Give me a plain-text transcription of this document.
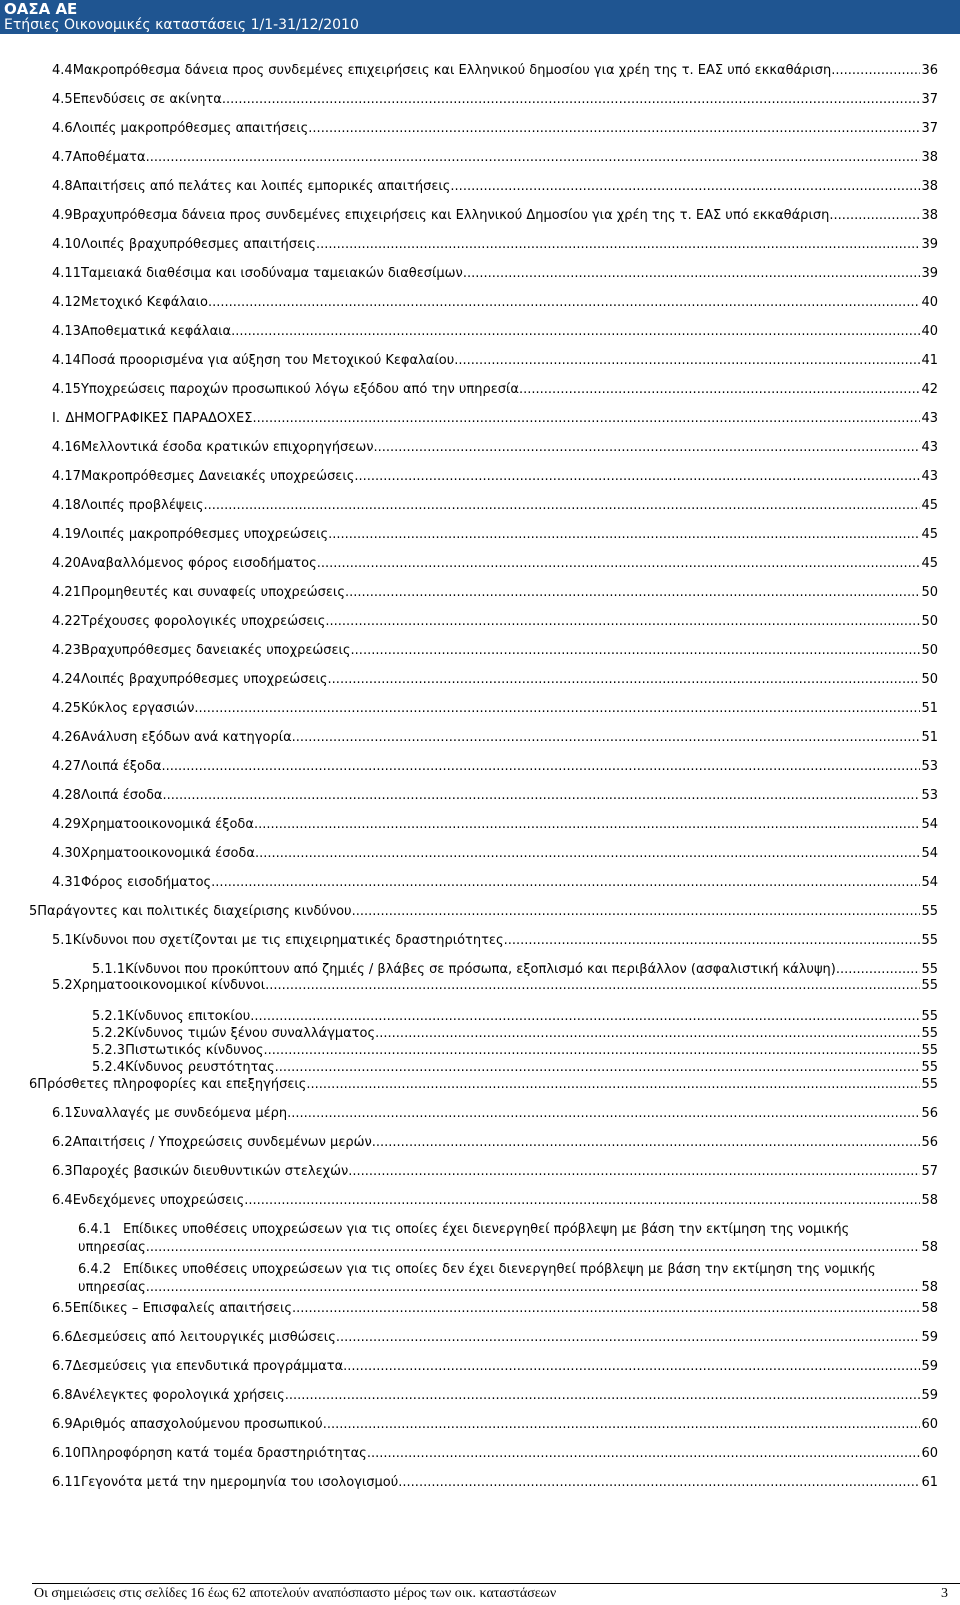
ΟΑΣΑ ΑΕ
Ετήσιες Οικονομικές καταστάσεις 1/1-31/12/2010
4.4 Μακροπρόθεσμα δάνεια προς συνδεμένες επιχειρήσεις και Ελληνικού δημοσίου για χρέη της τ. ΕΑΣ υπό εκκαθάριση. .....	36
4.5 Επενδύσεις σε ακίνητα .....	37
4.6 Λοιπές μακροπρόθεσμες απαιτήσεις .....	37
4.7 Αποθέματα .....	38
4.8 Απαιτήσεις από πελάτες και λοιπές εμπορικές απαιτήσεις .....	38
4.9 Βραχυπρόθεσμα δάνεια προς συνδεμένες επιχειρήσεις και Ελληνικού Δημοσίου για χρέη της τ. ΕΑΣ υπό εκκαθάριση .....	38
4.10 Λοιπές βραχυπρόθεσμες απαιτήσεις .....	39
4.11 Ταμειακά διαθέσιμα και ισοδύναμα ταμειακών διαθεσίμων .....	39
4.12 Μετοχικό Κεφάλαιο .....	40
4.13 Αποθεματικά κεφάλαια .....	40
4.14 Ποσά προορισμένα για αύξηση του Μετοχικού Κεφαλαίου .....	41
4.15 Υποχρεώσεις παροχών προσωπικού λόγω εξόδου από την υπηρεσία .....	42
Ι. ΔΗΜΟΓΡΑΦΙΚΕΣ ΠΑΡΑΔΟΧΕΣ .....	43
4.16 Μελλοντικά έσοδα κρατικών επιχορηγήσεων .....	43
4.17 Μακροπρόθεσμες Δανειακές υποχρεώσεις .....	43
4.18 Λοιπές προβλέψεις .....	45
4.19 Λοιπές μακροπρόθεσμες υποχρεώσεις .....	45
4.20 Αναβαλλόμενος φόρος εισοδήματος .....	45
4.21 Προμηθευτές και συναφείς υποχρεώσεις .....	50
4.22 Τρέχουσες φορολογικές υποχρεώσεις .....	50
4.23 Βραχυπρόθεσμες δανειακές υποχρεώσεις .....	50
4.24 Λοιπές βραχυπρόθεσμες υποχρεώσεις .....	50
4.25 Κύκλος εργασιών .....	51
4.26 Ανάλυση εξόδων ανά κατηγορία .....	51
4.27 Λοιπά έξοδα .....	53
4.28 Λοιπά έσοδα .....	53
4.29 Χρηματοοικονομικά έξοδα .....	54
4.30 Χρηματοοικονομικά έσοδα .....	54
4.31 Φόρος εισοδήματος .....	54
5 Παράγοντες και πολιτικές διαχείρισης κινδύνου .....	55
5.1 Κίνδυνοι που σχετίζονται με τις επιχειρηματικές δραστηριότητες .....	55
5.1.1 Κίνδυνοι που προκύπτουν από ζημιές / βλάβες σε πρόσωπα, εξοπλισμό και περιβάλλον (ασφαλιστική κάλυψη). .....	55
5.2 Χρηματοοικονομικοί κίνδυνοι .....	55
5.2.1 Κίνδυνος επιτοκίου .....	55
5.2.2 Κίνδυνος τιμών ξένου συναλλάγματος .....	55
5.2.3 Πιστωτικός κίνδυνος .....	55
5.2.4 Κίνδυνος ρευστότητας .....	55
6 Πρόσθετες πληροφορίες και επεξηγήσεις .....	55
6.1 Συναλλαγές με συνδεόμενα μέρη .....	56
6.2 Απαιτήσεις / Υποχρεώσεις συνδεμένων μερών .....	56
6.3 Παροχές βασικών διευθυντικών στελεχών .....	57
6.4 Ενδεχόμενες υποχρεώσεις .....	58
6.4.1 Επίδικες υποθέσεις υποχρεώσεων για τις οποίες έχει διενεργηθεί πρόβλεψη με βάση την εκτίμηση της νομικής
υπηρεσίας .....	58
6.4.2 Επίδικες υποθέσεις υποχρεώσεων για τις οποίες δεν έχει διενεργηθεί πρόβλεψη με βάση την εκτίμηση της νομικής
υπηρεσίας .....	58
6.5 Επίδικες – Επισφαλείς απαιτήσεις .....	58
6.6 Δεσμεύσεις από λειτουργικές μισθώσεις .....	59
6.7 Δεσμεύσεις για επενδυτικά προγράμματα .....	59
6.8 Ανέλεγκτες φορολογικά χρήσεις .....	59
6.9 Αριθμός απασχολούμενου προσωπικού .....	60
6.10 Πληροφόρηση κατά τομέα δραστηριότητας .....	60
6.11 Γεγονότα μετά την ημερομηνία του ισολογισμού .....	61
Οι σημειώσεις στις σελίδες 16 έως 62 αποτελούν αναπόσπαστο μέρος των οικ. καταστάσεων	3
